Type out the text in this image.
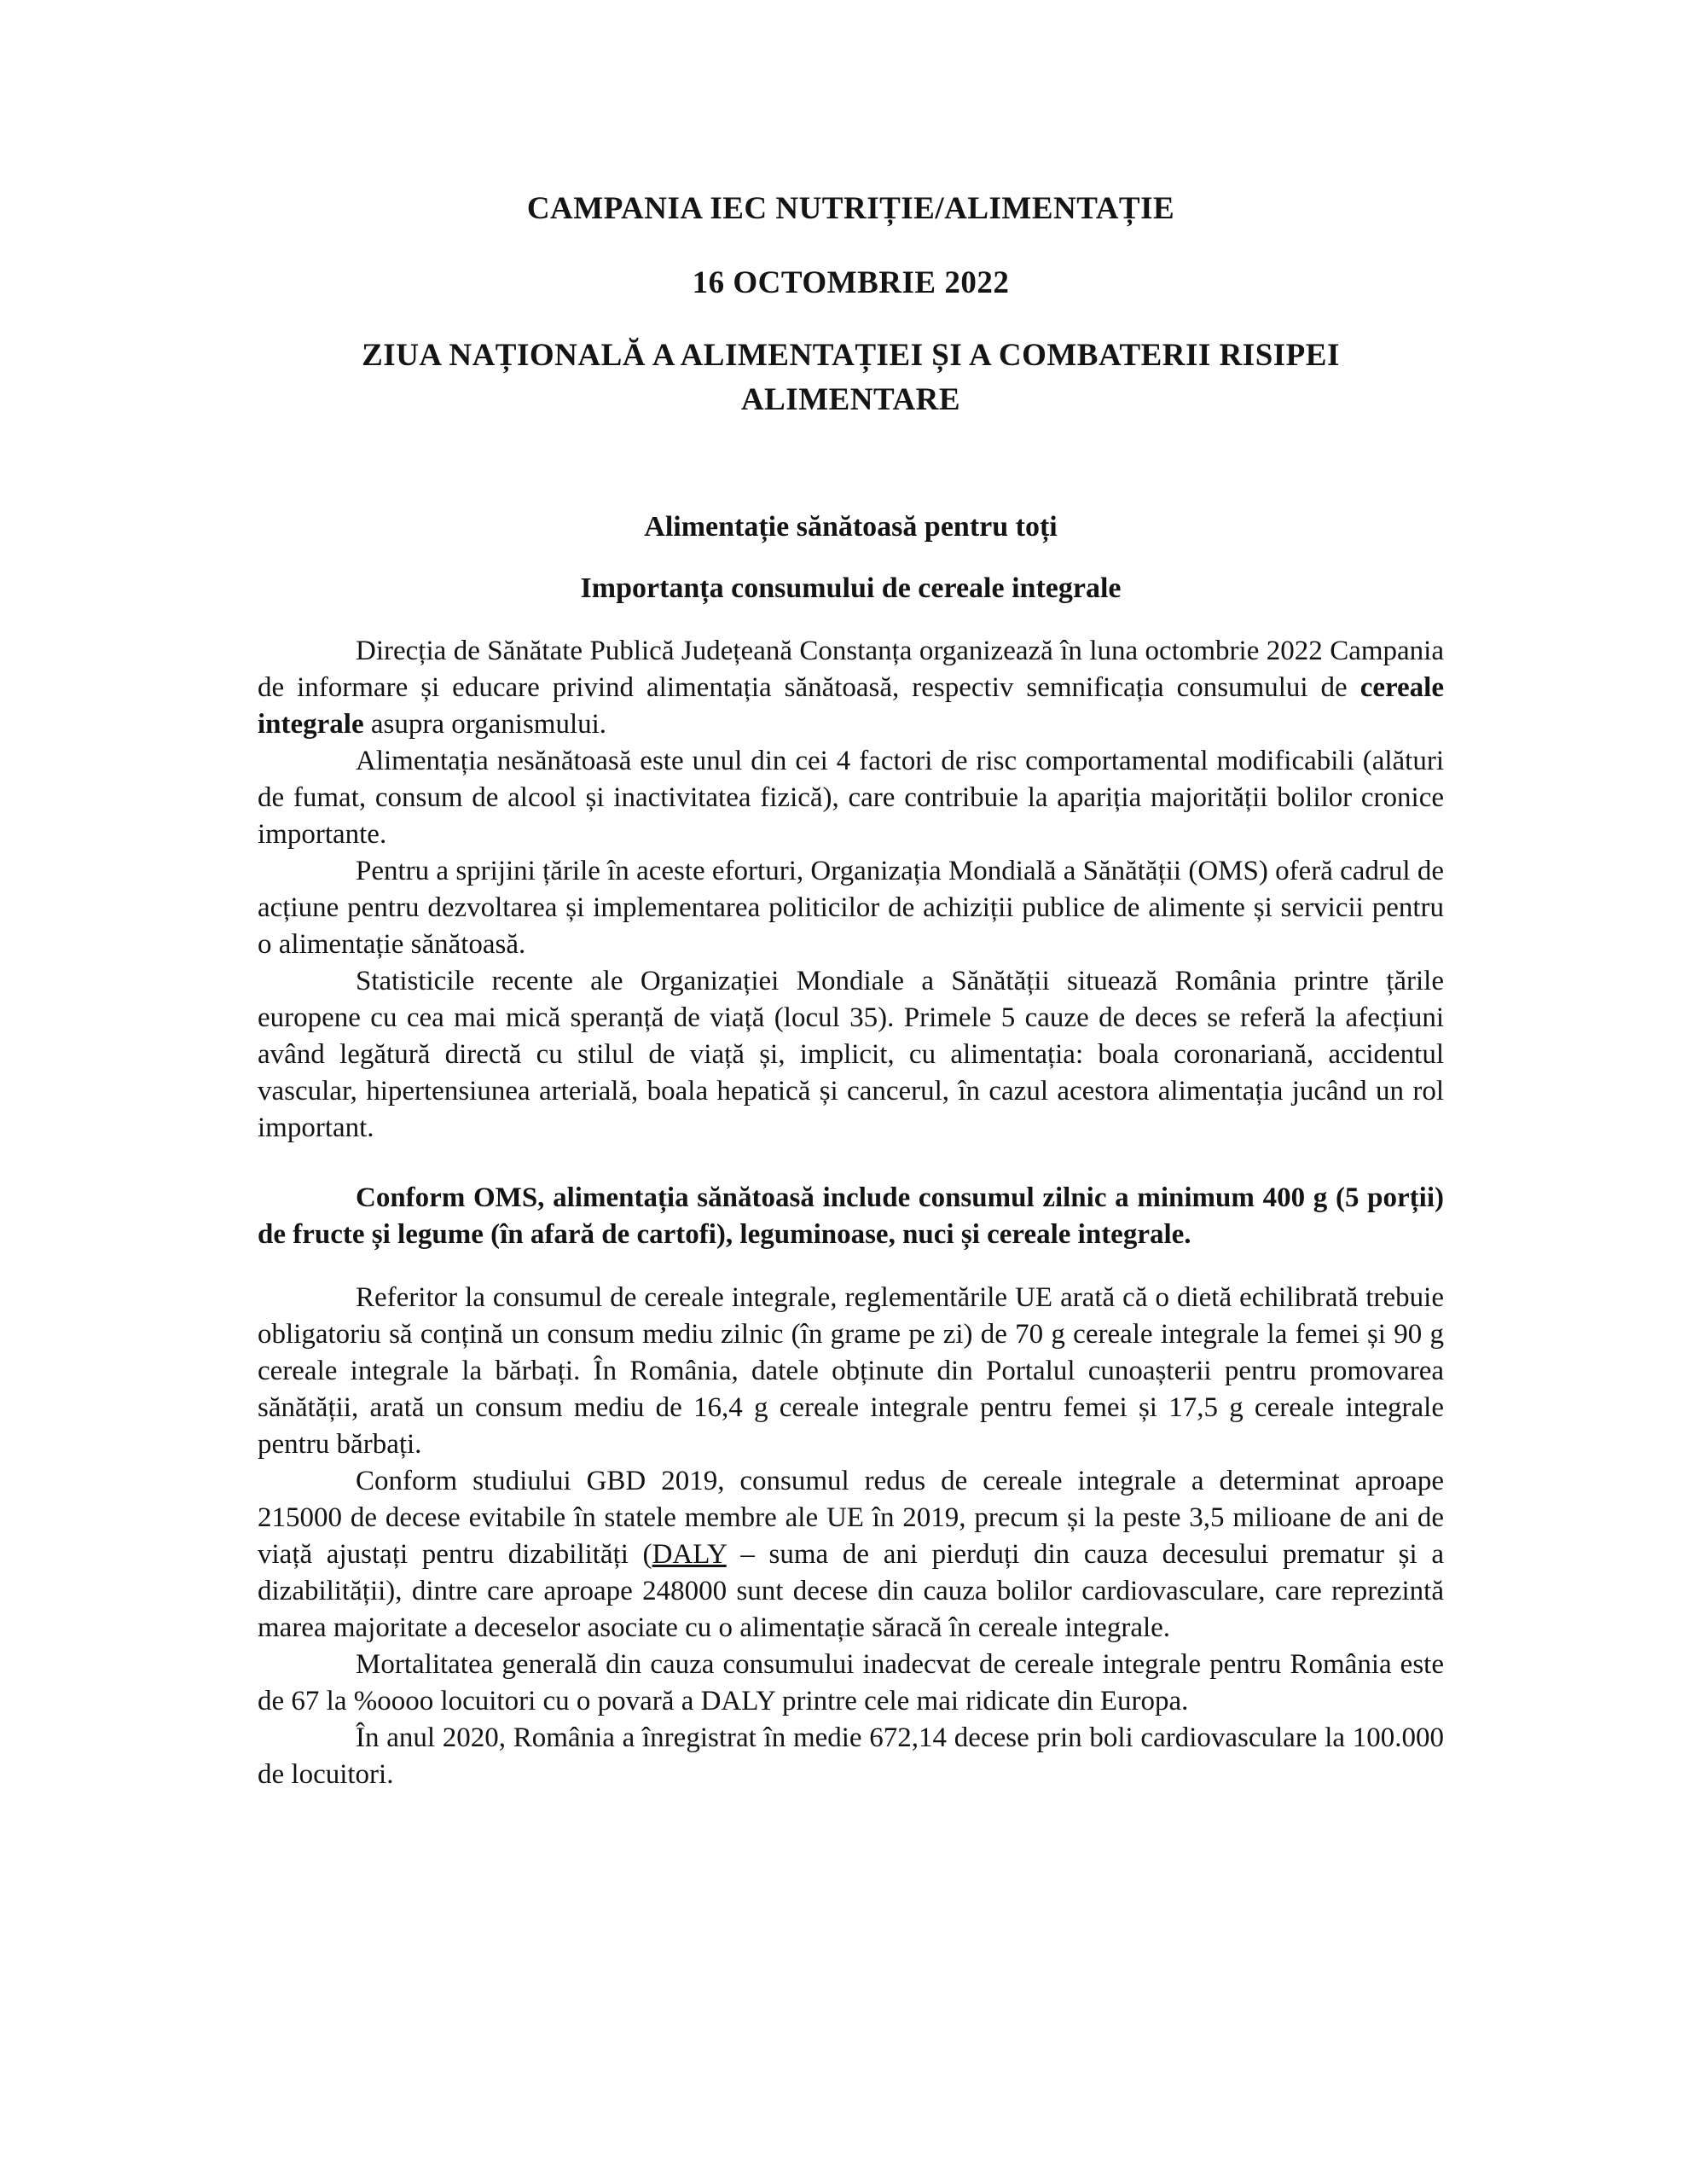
CAMPANIA IEC NUTRIȚIE/ALIMENTAȚIE
16 OCTOMBRIE 2022
ZIUA NAȚIONALĂ A ALIMENTAȚIEI ȘI A COMBATERII RISIPEI ALIMENTARE
Alimentație sănătoasă pentru toți
Importanța consumului de cereale integrale

Direcția de Sănătate Publică Județeană Constanța organizează în luna octombrie 2022 Campania de informare și educare privind alimentația sănătoasă, respectiv semnificația consumului de cereale integrale asupra organismului.

Alimentația nesănătoasă este unul din cei 4 factori de risc comportamental modificabili (alături de fumat, consum de alcool și inactivitatea fizică), care contribuie la apariția majorității bolilor cronice importante.

Pentru a sprijini țările în aceste eforturi, Organizația Mondială a Sănătății (OMS) oferă cadrul de acțiune pentru dezvoltarea și implementarea politicilor de achiziții publice de alimente și servicii pentru o alimentație sănătoasă.

Statisticile recente ale Organizației Mondiale a Sănătății situează România printre țările europene cu cea mai mică speranță de viață (locul 35). Primele 5 cauze de deces se referă la afecțiuni având legătură directă cu stilul de viață și, implicit, cu alimentația: boala coronariană, accidentul vascular, hipertensiunea arterială, boala hepatică și cancerul, în cazul acestora alimentația jucând un rol important.

Conform OMS, alimentația sănătoasă include consumul zilnic a minimum 400 g (5 porții) de fructe și legume (în afară de cartofi), leguminoase, nuci și cereale integrale.

Referitor la consumul de cereale integrale, reglementările UE arată că o dietă echilibrată trebuie obligatoriu să conțină un consum mediu zilnic (în grame pe zi) de 70 g cereale integrale la femei și 90 g cereale integrale la bărbați. În România, datele obținute din Portalul cunoașterii pentru promovarea sănătății, arată un consum mediu de 16,4 g cereale integrale pentru femei și 17,5 g cereale integrale pentru bărbați.

Conform studiului GBD 2019, consumul redus de cereale integrale a determinat aproape 215000 de decese evitabile în statele membre ale UE în 2019, precum și la peste 3,5 milioane de ani de viață ajustați pentru dizabilități (DALY – suma de ani pierduți din cauza decesului prematur și a dizabilității), dintre care aproape 248000 sunt decese din cauza bolilor cardiovasculare, care reprezintă marea majoritate a deceselor asociate cu o alimentație săracă în cereale integrale.

Mortalitatea generală din cauza consumului inadecvat de cereale integrale pentru România este de 67 la %oooo locuitori cu o povară a DALY printre cele mai ridicate din Europa.

În anul 2020, România a înregistrat în medie 672,14 decese prin boli cardiovasculare la 100.000 de locuitori.
